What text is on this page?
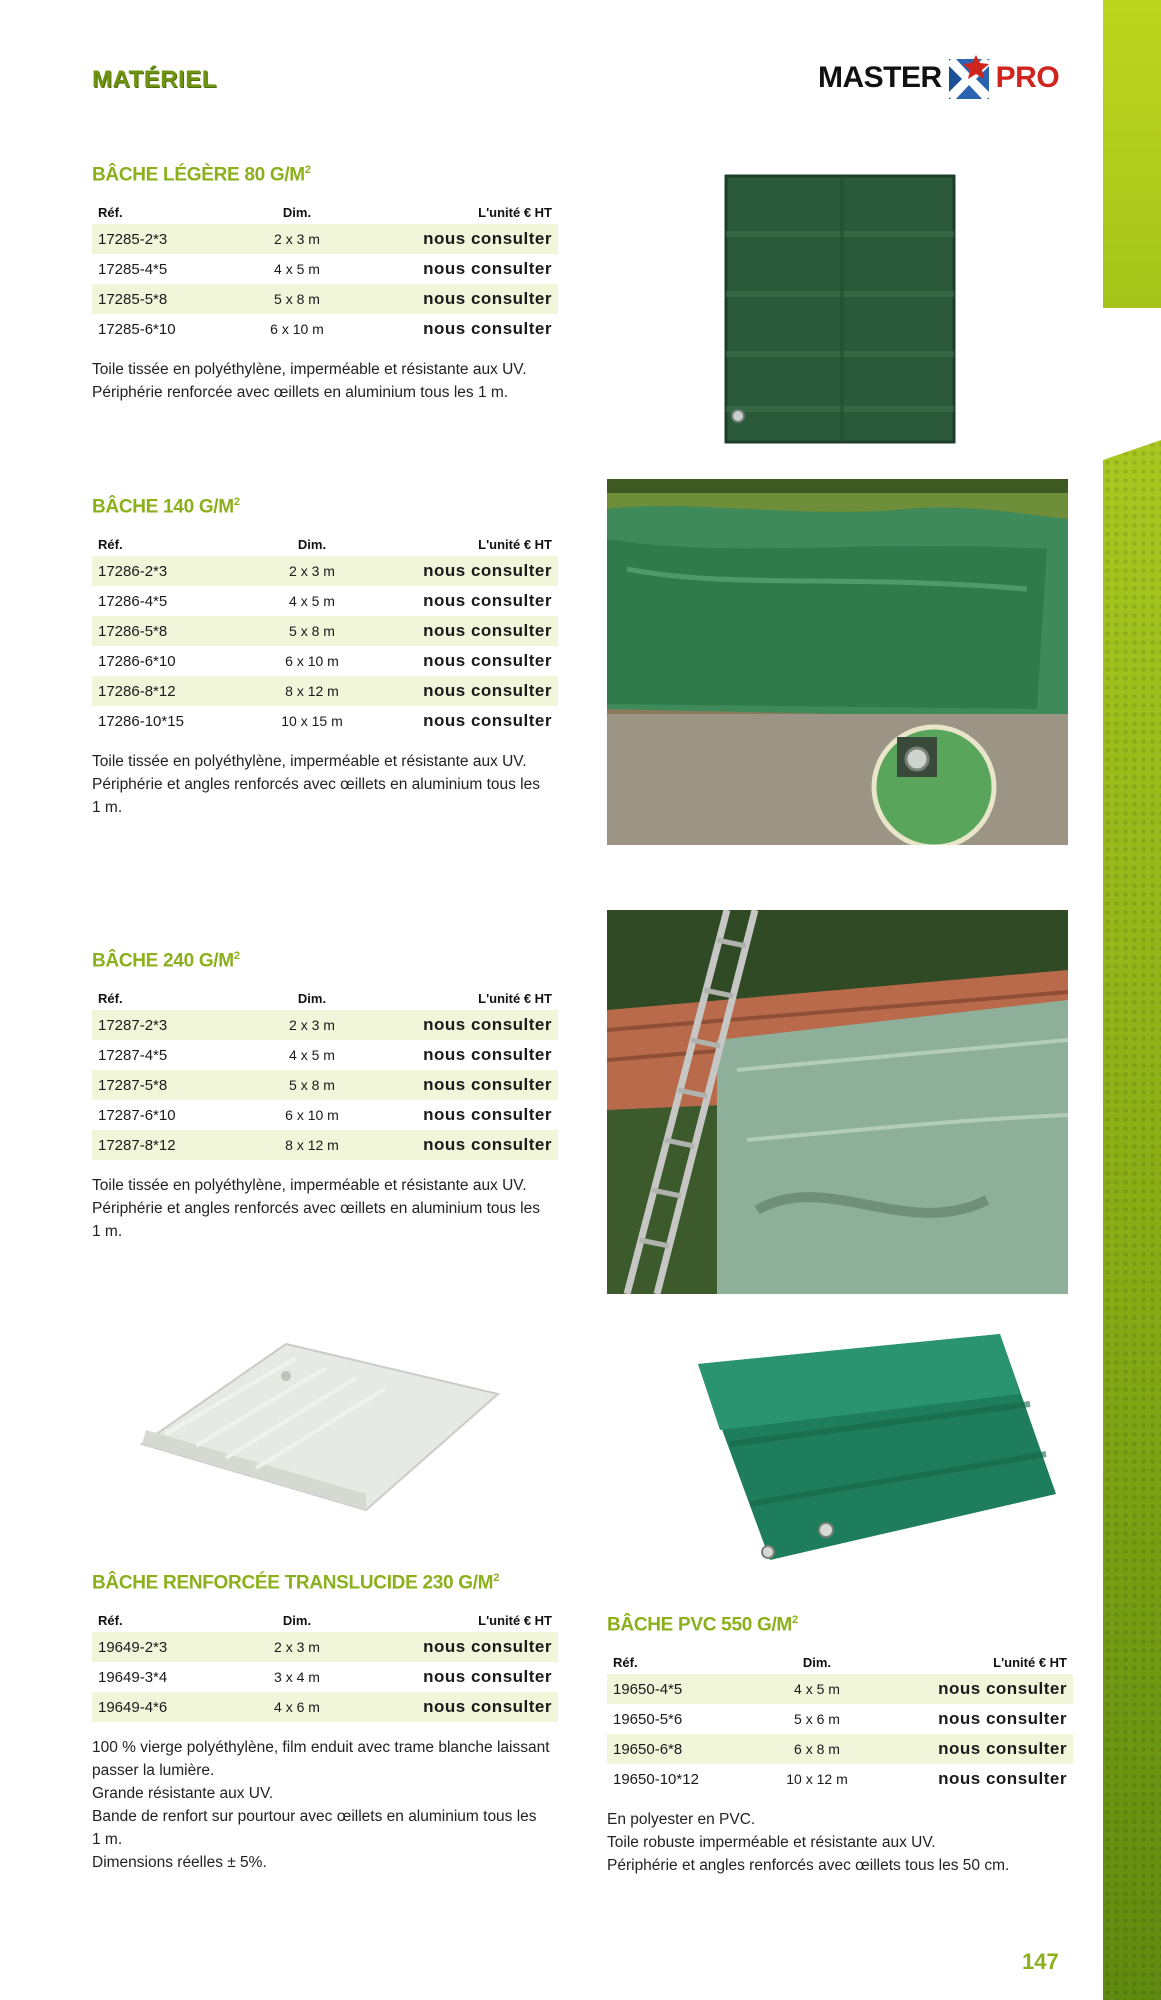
MATÉRIEL	MASTER PRO
BÂCHE LÉGÈRE 80 $G/M^2$
Réf.	Dim.	L'unité € HT
17285-2*3	2 x 3 m	nous consulter
17285-4*5	4 x 5 m	nous consulter
17285-5*8	5 x 8 m	nous consulter
17285-6*10	6 x 10 m	nous consulter
Toile tissée en polyéthylène, imperméable et résistante aux UV.
Périphérie renforcée avec œillets en aluminium tous les 1 m.
BÂCHE 140 $G/M^2$
Réf.	Dim.	L'unité € HT
17286-2*3	2 x 3 m	nous consulter
17286-4*5	4 x 5 m	nous consulter
17286-5*8	5 x 8 m	nous consulter
17286-6*10	6 x 10 m	nous consulter
17286-8*12	8 x 12 m	nous consulter
17286-10*15	10 x 15 m	nous consulter
Toile tissée en polyéthylène, imperméable et résistante aux UV.
Périphérie et angles renforcés avec œillets en aluminium tous les
1 m.
BÂCHE 240 $G/M^2$
Réf.	Dim.	L'unité € HT
17287-2*3	2 x 3 m	nous consulter
17287-4*5	4 x 5 m	nous consulter
17287-5*8	5 x 8 m	nous consulter
17287-6*10	6 x 10 m	nous consulter
17287-8*12	8 x 12 m	nous consulter
Toile tissée en polyéthylène, imperméable et résistante aux UV.
Périphérie et angles renforcés avec œillets en aluminium tous les
1 m.
BÂCHE RENFORCÉE TRANSLUCIDE 230 $G/M^2$
Réf.	Dim.	L'unité € HT
19649-2*3	2 x 3 m	nous consulter
19649-3*4	3 x 4 m	nous consulter
19649-4*6	4 x 6 m	nous consulter
100 % vierge polyéthylène, film enduit avec trame blanche laissant
passer la lumière.
Grande résistante aux UV.
Bande de renfort sur pourtour avec œillets en aluminium tous les
1 m.
Dimensions réelles ± 5%.
BÂCHE PVC 550 $G/M^2$
Réf.	Dim.	L'unité € HT
19650-4*5	4 x 5 m	nous consulter
19650-5*6	5 x 6 m	nous consulter
19650-6*8	6 x 8 m	nous consulter
19650-10*12	10 x 12 m	nous consulter
En polyester en PVC.
Toile robuste imperméable et résistante aux UV.
Périphérie et angles renforcés avec œillets tous les 50 cm.
147
